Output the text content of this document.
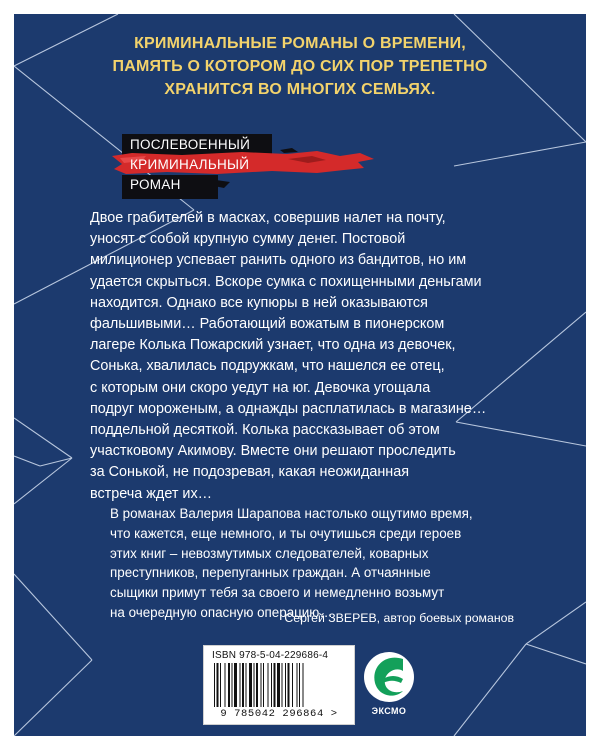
КРИМИНАЛЬНЫЕ РОМАНЫ О ВРЕМЕНИ,
ПАМЯТЬ О КОТОРОМ ДО СИХ ПОР ТРЕПЕТНО
ХРАНИТСЯ ВО МНОГИХ СЕМЬЯХ.
ПОСЛЕВОЕННЫЙ
КРИМИНАЛЬНЫЙ
РОМАН
Двое грабителей в масках, совершив налет на почту,
уносят с собой крупную сумму денег. Постовой
милиционер успевает ранить одного из бандитов, но им
удается скрыться. Вскоре сумка с похищенными деньгами
находится. Однако все купюры в ней оказываются
фальшивыми… Работающий вожатым в пионерском
лагере Колька Пожарский узнает, что одна из девочек,
Сонька, хвалилась подружкам, что нашелся ее отец,
с которым они скоро уедут на юг. Девочка угощала
подруг мороженым, а однажды расплатилась в магазине…
поддельной десяткой. Колька рассказывает об этом
участковому Акимову. Вместе они решают проследить
за Сонькой, не подозревая, какая неожиданная
встреча ждет их…
В романах Валерия Шарапова настолько ощутимо время,
что кажется, еще немного, и ты очутишься среди героев
этих книг – невозмутимых следователей, коварных
преступников, перепуганных граждан. А отчаянные
сыщики примут тебя за своего и немедленно возьмут
на очередную опасную операцию…
Сергей ЗВЕРЕВ, автор боевых романов
ISBN 978-5-04-229686-4
9 785042 296864 >	ЭКСМО
